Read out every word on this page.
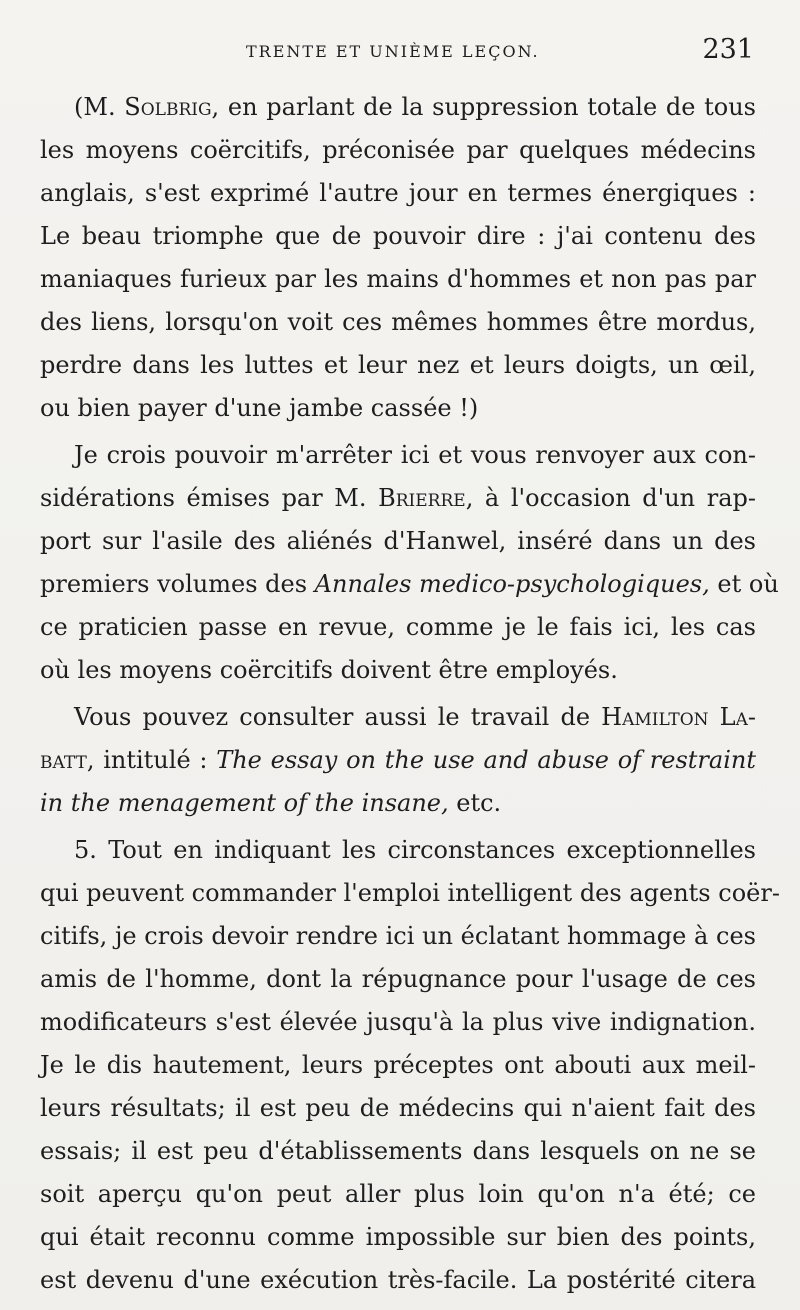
TRENTE ET UNIÈME LEÇON.	231
(M. Solbrig, en parlant de la suppression totale de tous
les moyens coërcitifs, préconisée par quelques médecins
anglais, s'est exprimé l'autre jour en termes énergiques :
Le beau triomphe que de pouvoir dire : j'ai contenu des
maniaques furieux par les mains d'hommes et non pas par
des liens, lorsqu'on voit ces mêmes hommes être mordus,
perdre dans les luttes et leur nez et leurs doigts, un œil,
ou bien payer d'une jambe cassée !)
Je crois pouvoir m'arrêter ici et vous renvoyer aux con-
sidérations émises par M. Brierre, à l'occasion d'un rap-
port sur l'asile des aliénés d'Hanwel, inséré dans un des
premiers volumes des Annales medico-psychologiques, et où
ce praticien passe en revue, comme je le fais ici, les cas
où les moyens coërcitifs doivent être employés.
Vous pouvez consulter aussi le travail de Hamilton La-
batt, intitulé : The essay on the use and abuse of restraint
in the menagement of the insane, etc.
5. Tout en indiquant les circonstances exceptionnelles
qui peuvent commander l'emploi intelligent des agents coër-
citifs, je crois devoir rendre ici un éclatant hommage à ces
amis de l'homme, dont la répugnance pour l'usage de ces
modificateurs s'est élevée jusqu'à la plus vive indignation.
Je le dis hautement, leurs préceptes ont abouti aux meil-
leurs résultats; il est peu de médecins qui n'aient fait des
essais; il est peu d'établissements dans lesquels on ne se
soit aperçu qu'on peut aller plus loin qu'on n'a été; ce
qui était reconnu comme impossible sur bien des points,
est devenu d'une exécution très-facile. La postérité citera
